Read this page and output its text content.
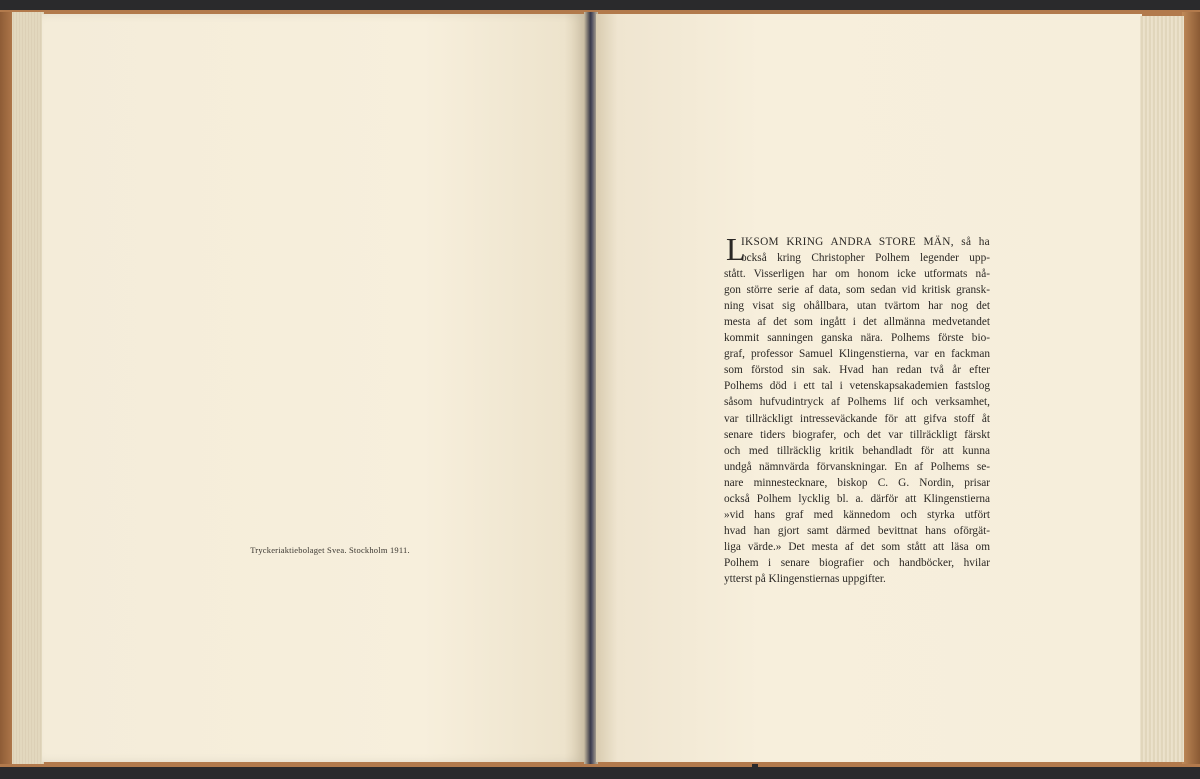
Tryckeriaktiebolaget Svea. Stockholm 1911.
L
IKSOM KRING ANDRA STORE MÄN, så ha
också kring Christopher Polhem legender upp-
stått. Visserligen har om honom icke utformats nå-
gon större serie af data, som sedan vid kritisk gransk-
ning visat sig ohållbara, utan tvärtom har nog det
mesta af det som ingått i det allmänna medvetandet
kommit sanningen ganska nära. Polhems förste bio-
graf, professor Samuel Klingenstierna, var en fackman
som förstod sin sak. Hvad han redan två år efter
Polhems död i ett tal i vetenskapsakademien fastslog
såsom hufvudintryck af Polhems lif och verksamhet,
var tillräckligt intresseväckande för att gifva stoff åt
senare tiders biografer, och det var tillräckligt färskt
och med tillräcklig kritik behandladt för att kunna
undgå nämnvärda förvanskningar. En af Polhems se-
nare minnestecknare, biskop C. G. Nordin, prisar
också Polhem lycklig bl. a. därför att Klingenstierna
»vid hans graf med kännedom och styrka utfört
hvad han gjort samt därmed bevittnat hans oförgät-
liga värde.» Det mesta af det som stått att läsa om
Polhem i senare biografier och handböcker, hvilar
ytterst på Klingenstiernas uppgifter.
